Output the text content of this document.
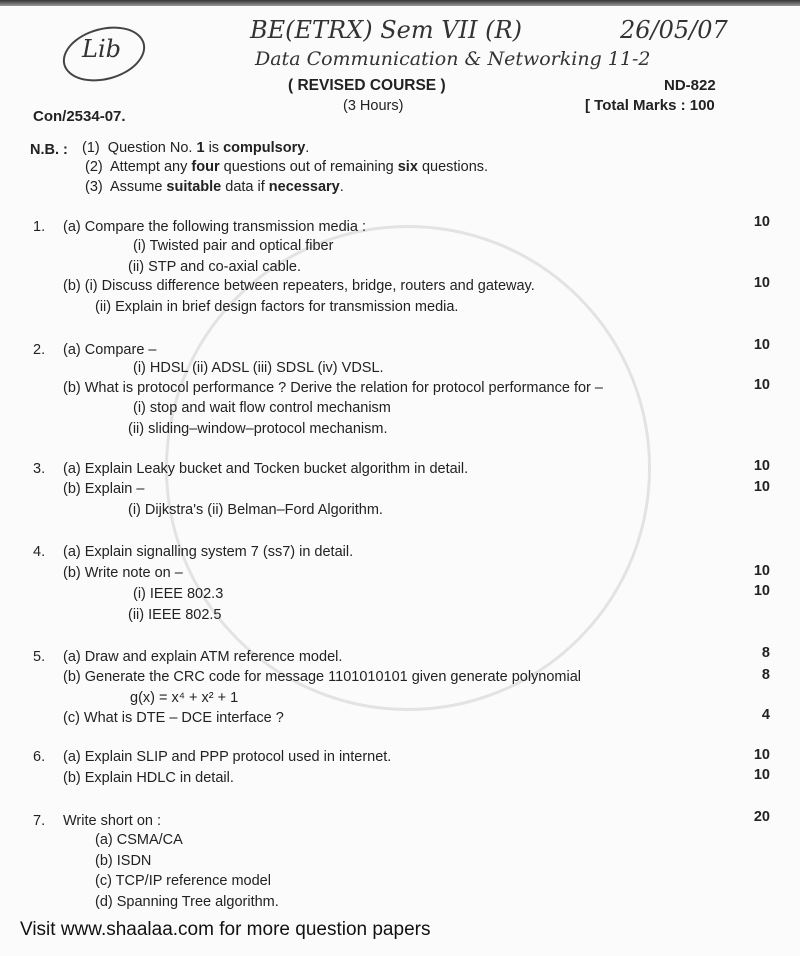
Lib
BE(ETRX) Sem VII (R)	26/05/07
Data Communication & Networking 11-2
Con/2534-07.
( REVISED COURSE )
(3 Hours)
ND-822
[ Total Marks : 100
N.B. : (1) Question No. 1 is compulsory.
(2) Attempt any four questions out of remaining six questions.
(3) Assume suitable data if necessary.
1. (a) Compare the following transmission media :
(i) Twisted pair and optical fiber
(ii) STP and co-axial cable.
(b) (i) Discuss difference between repeaters, bridge, routers and gateway.
(ii) Explain in brief design factors for transmission media.
10
10
2. (a) Compare –
(i) HDSL (ii) ADSL (iii) SDSL (iv) VDSL.
(b) What is protocol performance ? Derive the relation for protocol performance for –
(i) stop and wait flow control mechanism
(ii) sliding–window–protocol mechanism.
10
10
3. (a) Explain Leaky bucket and Tocken bucket algorithm in detail.
(b) Explain –
(i) Dijkstra's (ii) Belman–Ford Algorithm.
10
10
4. (a) Explain signalling system 7 (ss7) in detail.
(b) Write note on –
(i) IEEE 802.3
(ii) IEEE 802.5
10
10
5. (a) Draw and explain ATM reference model.
(b) Generate the CRC code for message 1101010101 given generate polynomial
g(x) = x⁴ + x² + 1
(c) What is DTE – DCE interface ?
8
8
4
6. (a) Explain SLIP and PPP protocol used in internet.
(b) Explain HDLC in detail.
10
10
7. Write short on :
(a) CSMA/CA
(b) ISDN
(c) TCP/IP reference model
(d) Spanning Tree algorithm.
20
Visit www.shaalaa.com for more question papers
